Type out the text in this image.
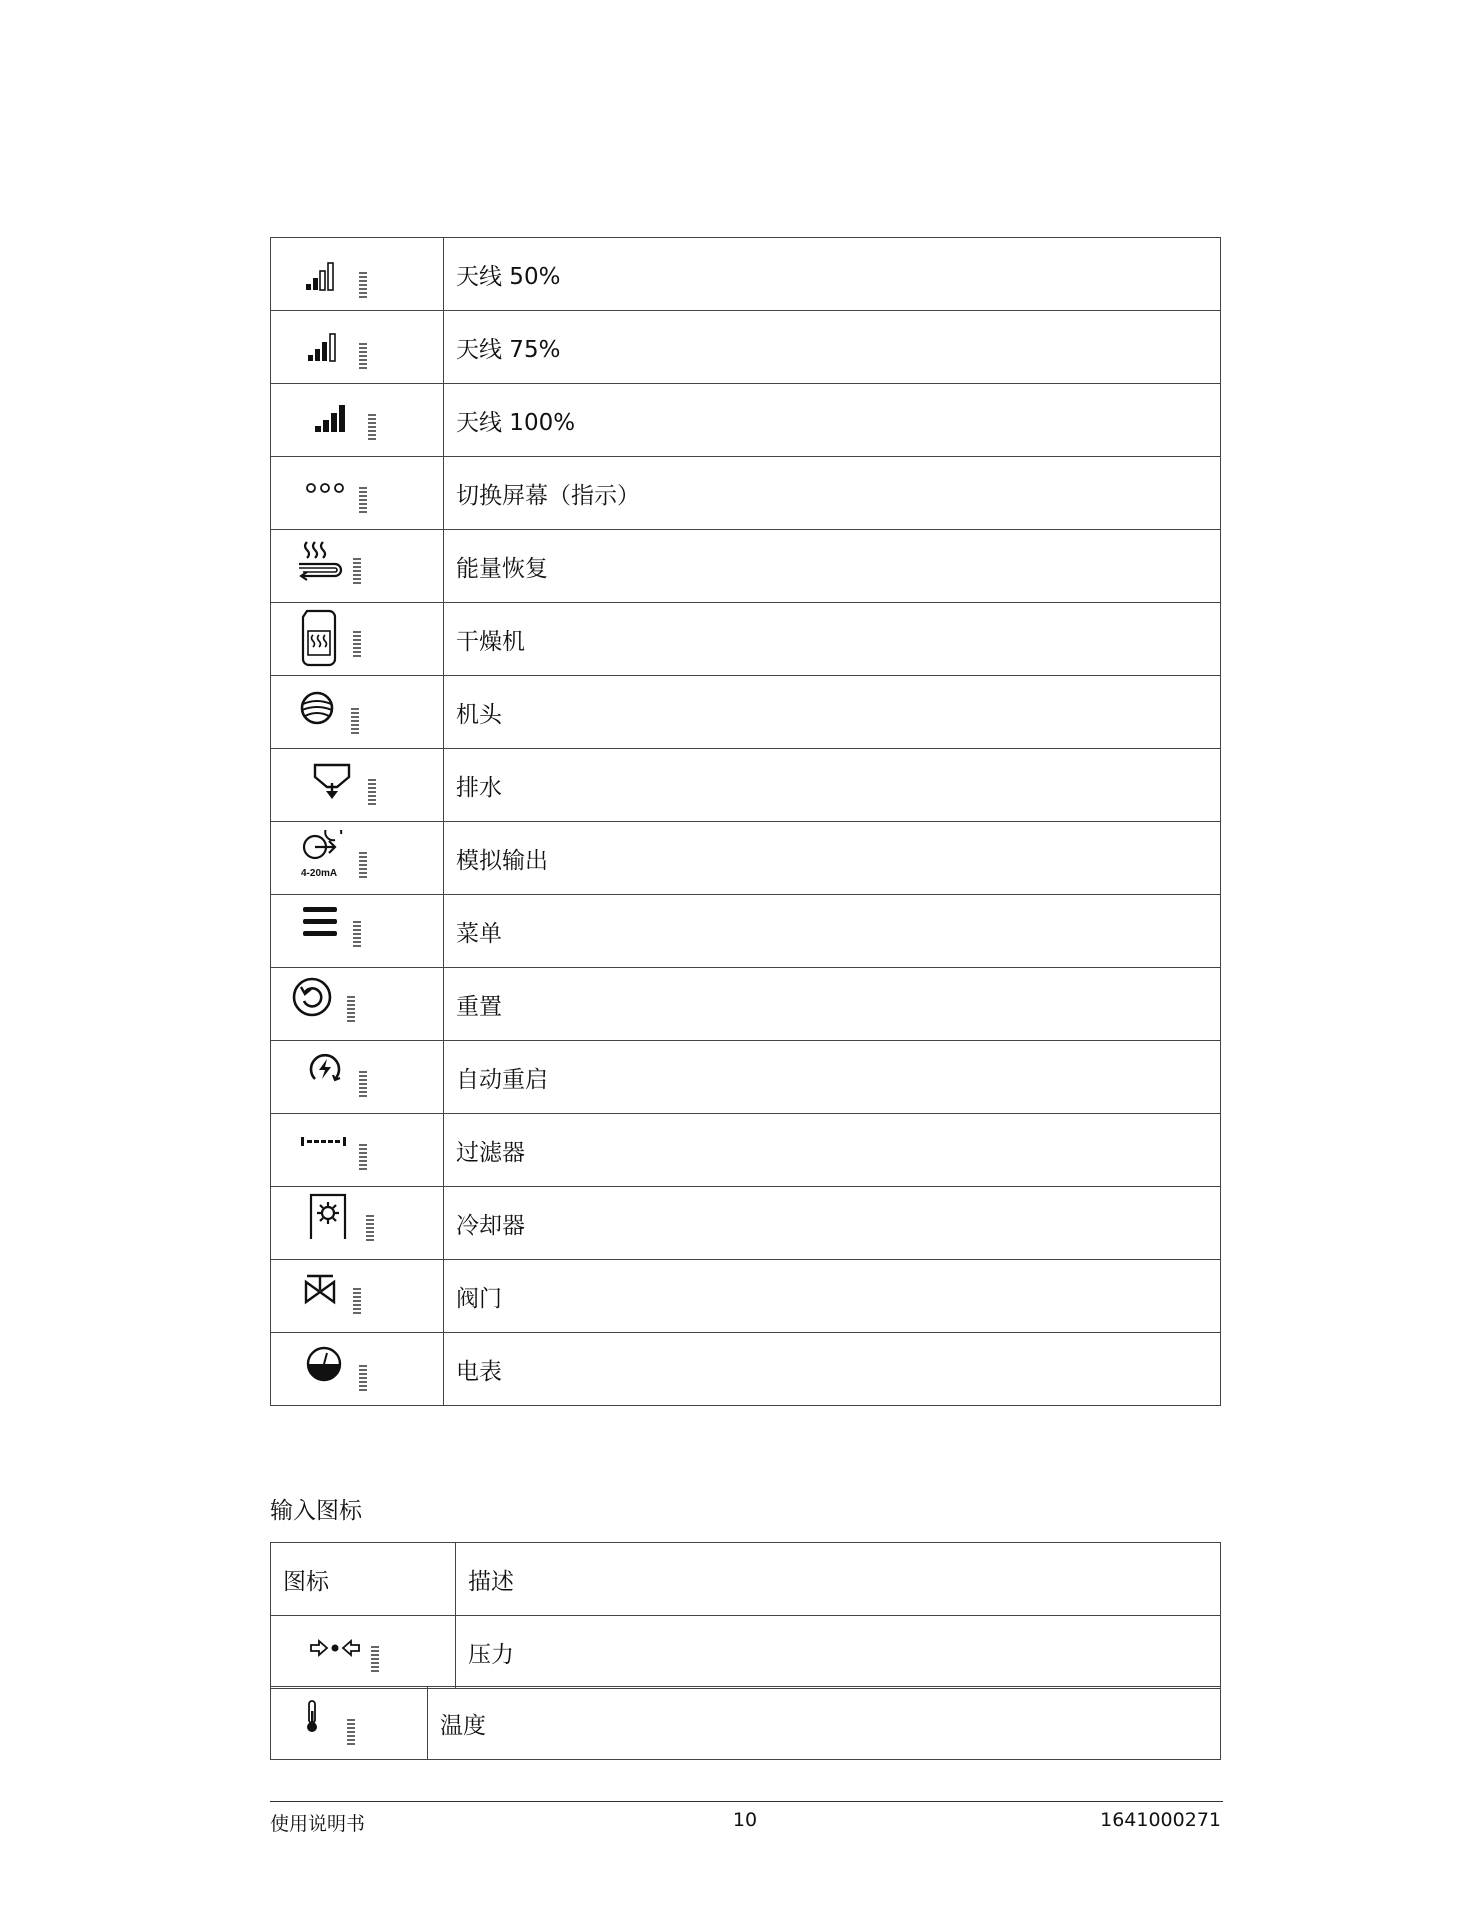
	天线 50%

	天线 75%

	天线 100%

	切换屏幕（指示）

	能量恢复

	干燥机

	机头

	排水

4-20mA	模拟输出

	菜单

	重置

	自动重启

	过滤器

	冷却器

	阀门

	电表
输入图标
图标	描述

	压力
	温度
使用说明书	10	1641000271
